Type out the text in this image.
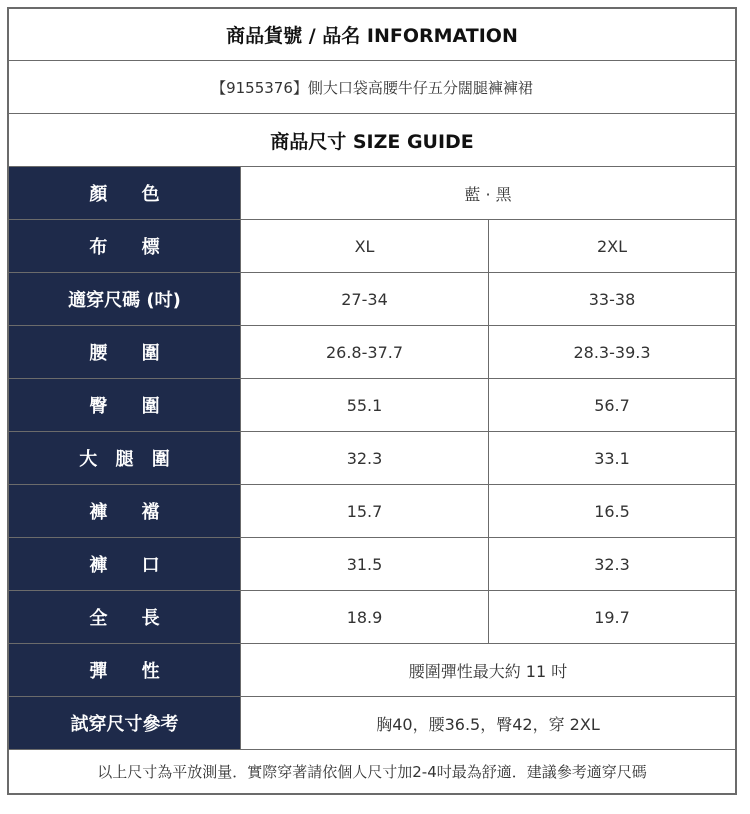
商品貨號 / 品名 INFORMATION
【9155376】側大口袋高腰牛仔五分闊腿褲褲裙
商品尺寸 SIZE GUIDE
顏 色	藍 · 黑
布 標	XL	2XL
適穿尺碼 (吋)	27-34	33-38
腰 圍	26.8-37.7	28.3-39.3
臀 圍	55.1	56.7
大 腿 圍	32.3	33.1
褲 襠	15.7	16.5
褲 口	31.5	32.3
全 長	18.9	19.7
彈 性	腰圍彈性最大約 11 吋
試穿尺寸參考	胸40，腰36.5，臀42，穿 2XL
以上尺寸為平放測量．實際穿著請依個人尺寸加2-4吋最為舒適．建議參考適穿尺碼
